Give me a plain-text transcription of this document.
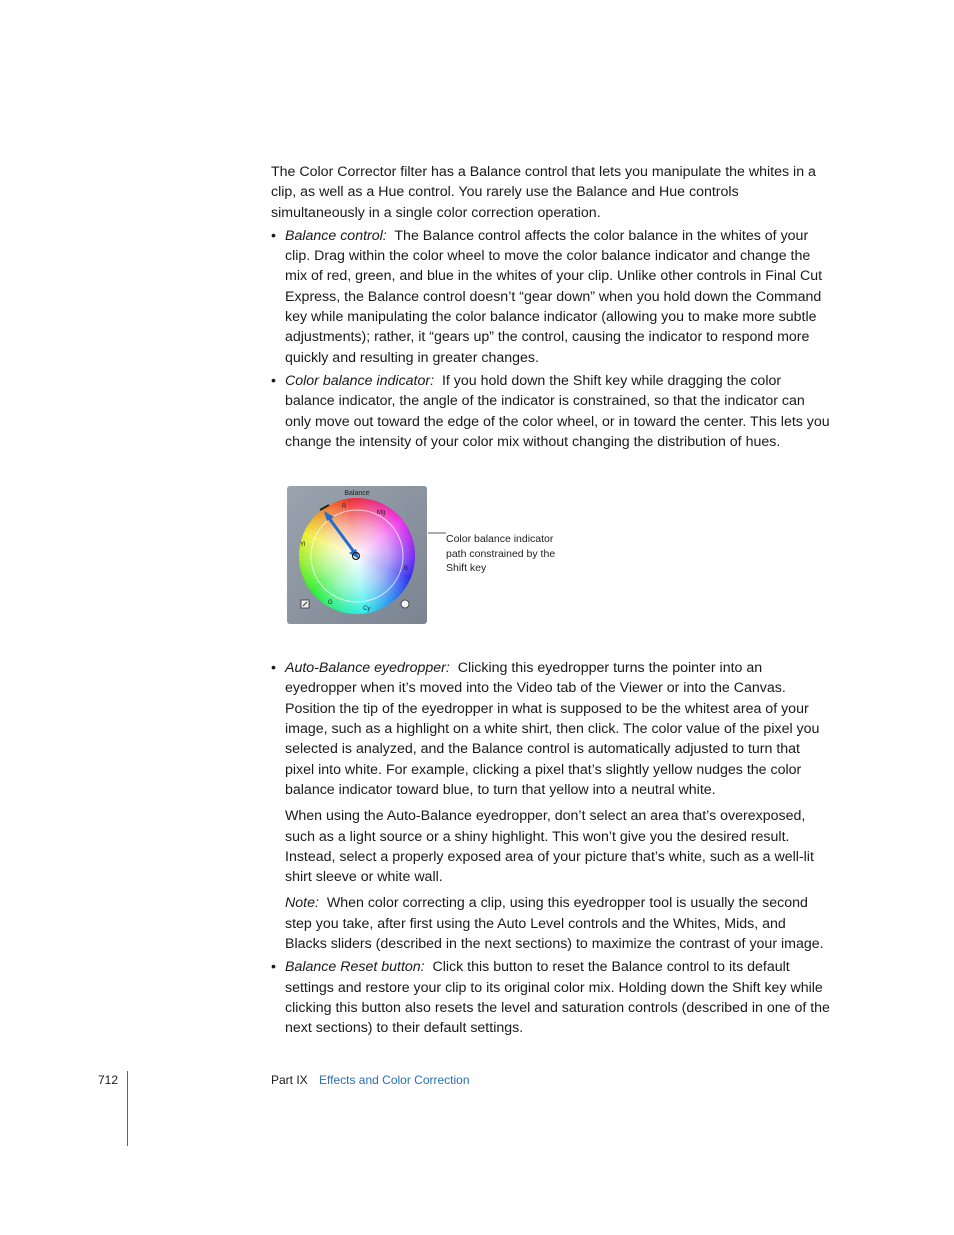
The Color Corrector filter has a Balance control that lets you manipulate the whites in a clip, as well as a Hue control. You rarely use the Balance and Hue controls simultaneously in a single color correction operation.

• Balance control: The Balance control affects the color balance in the whites of your clip. Drag within the color wheel to move the color balance indicator and change the mix of red, green, and blue in the whites of your clip. Unlike other controls in Final Cut Express, the Balance control doesn’t “gear down” when you hold down the Command key while manipulating the color balance indicator (allowing you to make more subtle adjustments); rather, it “gears up” the control, causing the indicator to respond more quickly and resulting in greater changes.
• Color balance indicator: If you hold down the Shift key while dragging the color balance indicator, the angle of the indicator is constrained, so that the indicator can only move out toward the edge of the color wheel, or in toward the center. This lets you change the intensity of your color mix without changing the distribution of hues.
Balance
R
Mg
B
Cy
G
Yl	Color balance indicator path constrained by the Shift key
• Auto-Balance eyedropper: Clicking this eyedropper turns the pointer into an eyedropper when it’s moved into the Video tab of the Viewer or into the Canvas. Position the tip of the eyedropper in what is supposed to be the whitest area of your image, such as a highlight on a white shirt, then click. The color value of the pixel you selected is analyzed, and the Balance control is automatically adjusted to turn that pixel into white. For example, clicking a pixel that’s slightly yellow nudges the color balance indicator toward blue, to turn that yellow into a neutral white.

When using the Auto-Balance eyedropper, don’t select an area that’s overexposed, such as a light source or a shiny highlight. This won’t give you the desired result. Instead, select a properly exposed area of your picture that’s white, such as a well-lit shirt sleeve or white wall.

Note: When color correcting a clip, using this eyedropper tool is usually the second step you take, after first using the Auto Level controls and the Whites, Mids, and Blacks sliders (described in the next sections) to maximize the contrast of your image.

• Balance Reset button: Click this button to reset the Balance control to its default settings and restore your clip to its original color mix. Holding down the Shift key while clicking this button also resets the level and saturation controls (described in one of the next sections) to their default settings.
712	Part IX Effects and Color Correction
